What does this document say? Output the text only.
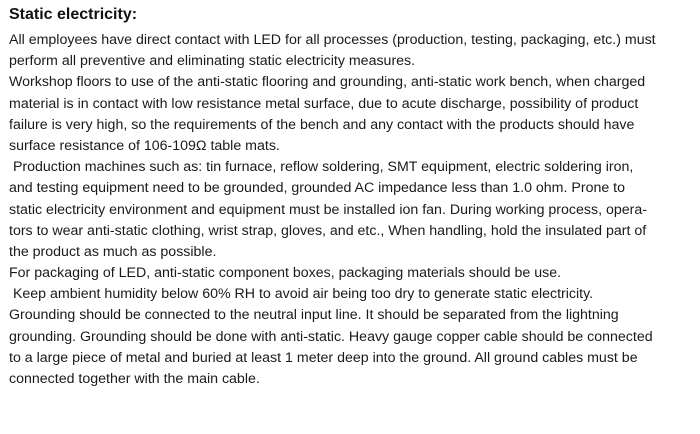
Static electricity:
All employees have direct contact with LED for all processes (production, testing, packaging, etc.) must
perform all preventive and eliminating static electricity measures.
Workshop floors to use of the anti-static flooring and grounding, anti-static work bench, when charged
material is in contact with low resistance metal surface, due to acute discharge, possibility of product
failure is very high, so the requirements of the bench and any contact with the products should have
surface resistance of 106-109Ω table mats.
Production machines such as: tin furnace, reflow soldering, SMT equipment, electric soldering iron,
and testing equipment need to be grounded, grounded AC impedance less than 1.0 ohm. Prone to
static electricity environment and equipment must be installed ion fan. During working process, opera-
tors to wear anti-static clothing, wrist strap, gloves, and etc., When handling, hold the insulated part of
the product as much as possible.
For packaging of LED, anti-static component boxes, packaging materials should be use.
Keep ambient humidity below 60% RH to avoid air being too dry to generate static electricity.
Grounding should be connected to the neutral input line. It should be separated from the lightning
grounding. Grounding should be done with anti-static. Heavy gauge copper cable should be connected
to a large piece of metal and buried at least 1 meter deep into the ground. All ground cables must be
connected together with the main cable.
